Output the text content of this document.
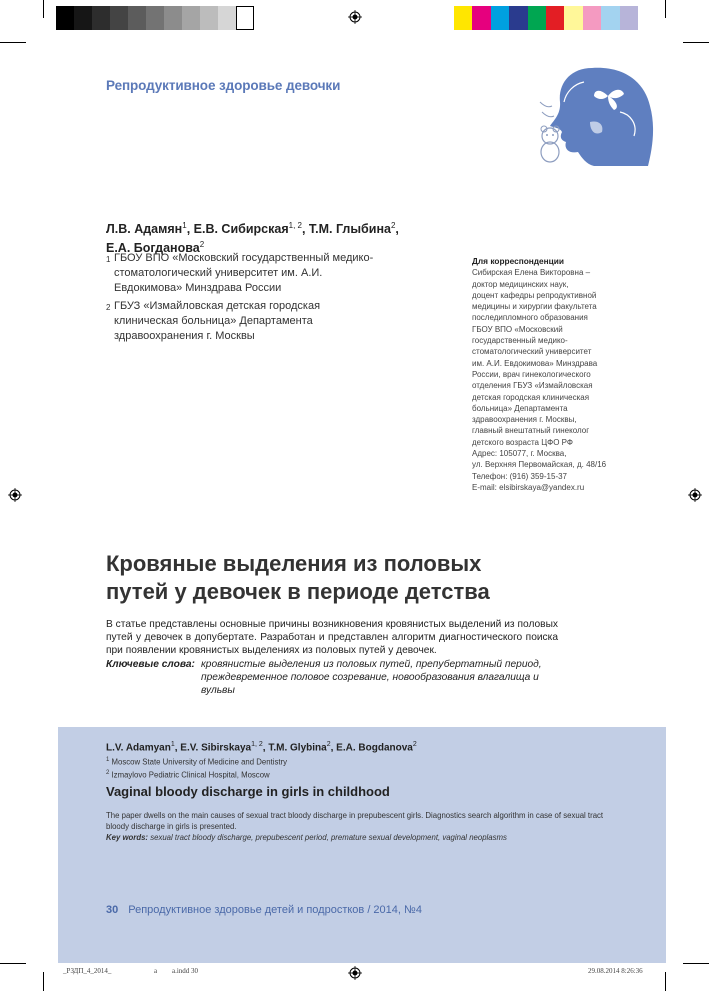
Репродуктивное здоровье девочки
Л.В. Адамян$^1$, Е.В. Сибирская$^{1, 2}$, Т.М. Глыбина$^2$,
Е.А. Богданова$^2$
1 ГБОУ ВПО «Московский государственный медико-стоматологический университет им. А.И. Евдокимова» Минздрава России
2 ГБУЗ «Измайловская детская городская клиническая больница» Департамента здравоохранения г. Москвы
Для корреспонденции
Сибирская Елена Викторовна –
доктор медицинских наук,
доцент кафедры репродуктивной
медицины и хирургии факультета
последипломного образования
ГБОУ ВПО «Московский
государственный медико-
стоматологический университет
им. А.И. Евдокимова» Минздрава
России, врач гинекологического
отделения ГБУЗ «Измайловская
детская городская клиническая
больница» Департамента
здравоохранения г. Москвы,
главный внештатный гинеколог
детского возраста ЦФО РФ
Адрес: 105077, г. Москва,
ул. Верхняя Первомайская, д. 48/16
Телефон: (916) 359-15-37
E-mail: elsibirskaya@yandex.ru
Кровяные выделения из половых
путей у девочек в периоде детства
В статье представлены основные причины возникновения кровянистых выделений из половых путей у девочек в допубертате. Разработан и представлен алгоритм диагностического поиска при появлении кровянистых выделениях из половых путей у девочек.
Ключевые слова: кровянистые выделения из половых путей, препубертатный период, преждевременное половое созревание, новообразования влагалища и вульвы
L.V. Adamyan$^1$, E.V. Sibirskaya$^{1, 2}$, T.M. Glybina$^2$, E.A. Bogdanova$^2$
$^1$ Moscow State University of Medicine and Dentistry
$^2$ Izmaylovo Pediatric Clinical Hospital, Moscow
Vaginal bloody discharge in girls in childhood
The paper dwells on the main causes of sexual tract bloody discharge in prepubescent girls. Diagnostics search algorithm in case of sexual tract bloody discharge in girls is presented.
Key words: sexual tract bloody discharge, prepubescent period, premature sexual development, vaginal neoplasms
30 Репродуктивное здоровье детей и подростков / 2014, №4
_РЗДП_4_2014_	a a.indd 30	29.08.2014 8:26:36
